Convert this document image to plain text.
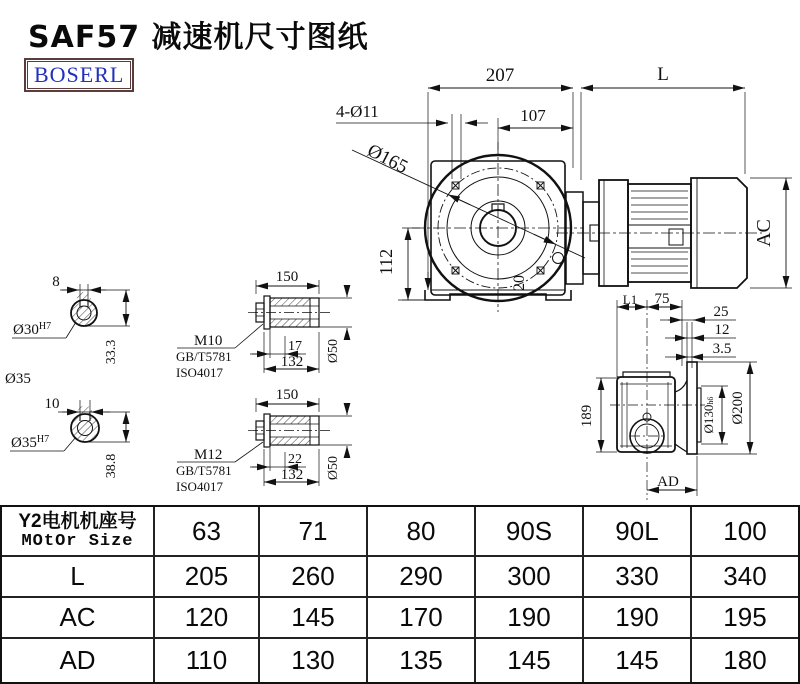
207	L
4-Ø11	107
Ø165
112
20
AC
L1 75
25
12
3.5
189	Ø130h6 Ø200
AD
8
$Ø30^{H7}$
33.3
Ø35
10
$Ø35^{H7}$
38.8
150
M10
GB/T5781
ISO4017
17
132 Ø50
150
M12
GB/T5781
ISO4017
22
132 Ø50
SAF57 减速机尺寸图纸
BOSERL
Y2电机机座号
MOtOr Size	63	71	80	90S	90L	100
L	205	260	290	300	330	340
AC	120	145	170	190	190	195
AD	110	130	135	145	145	180
